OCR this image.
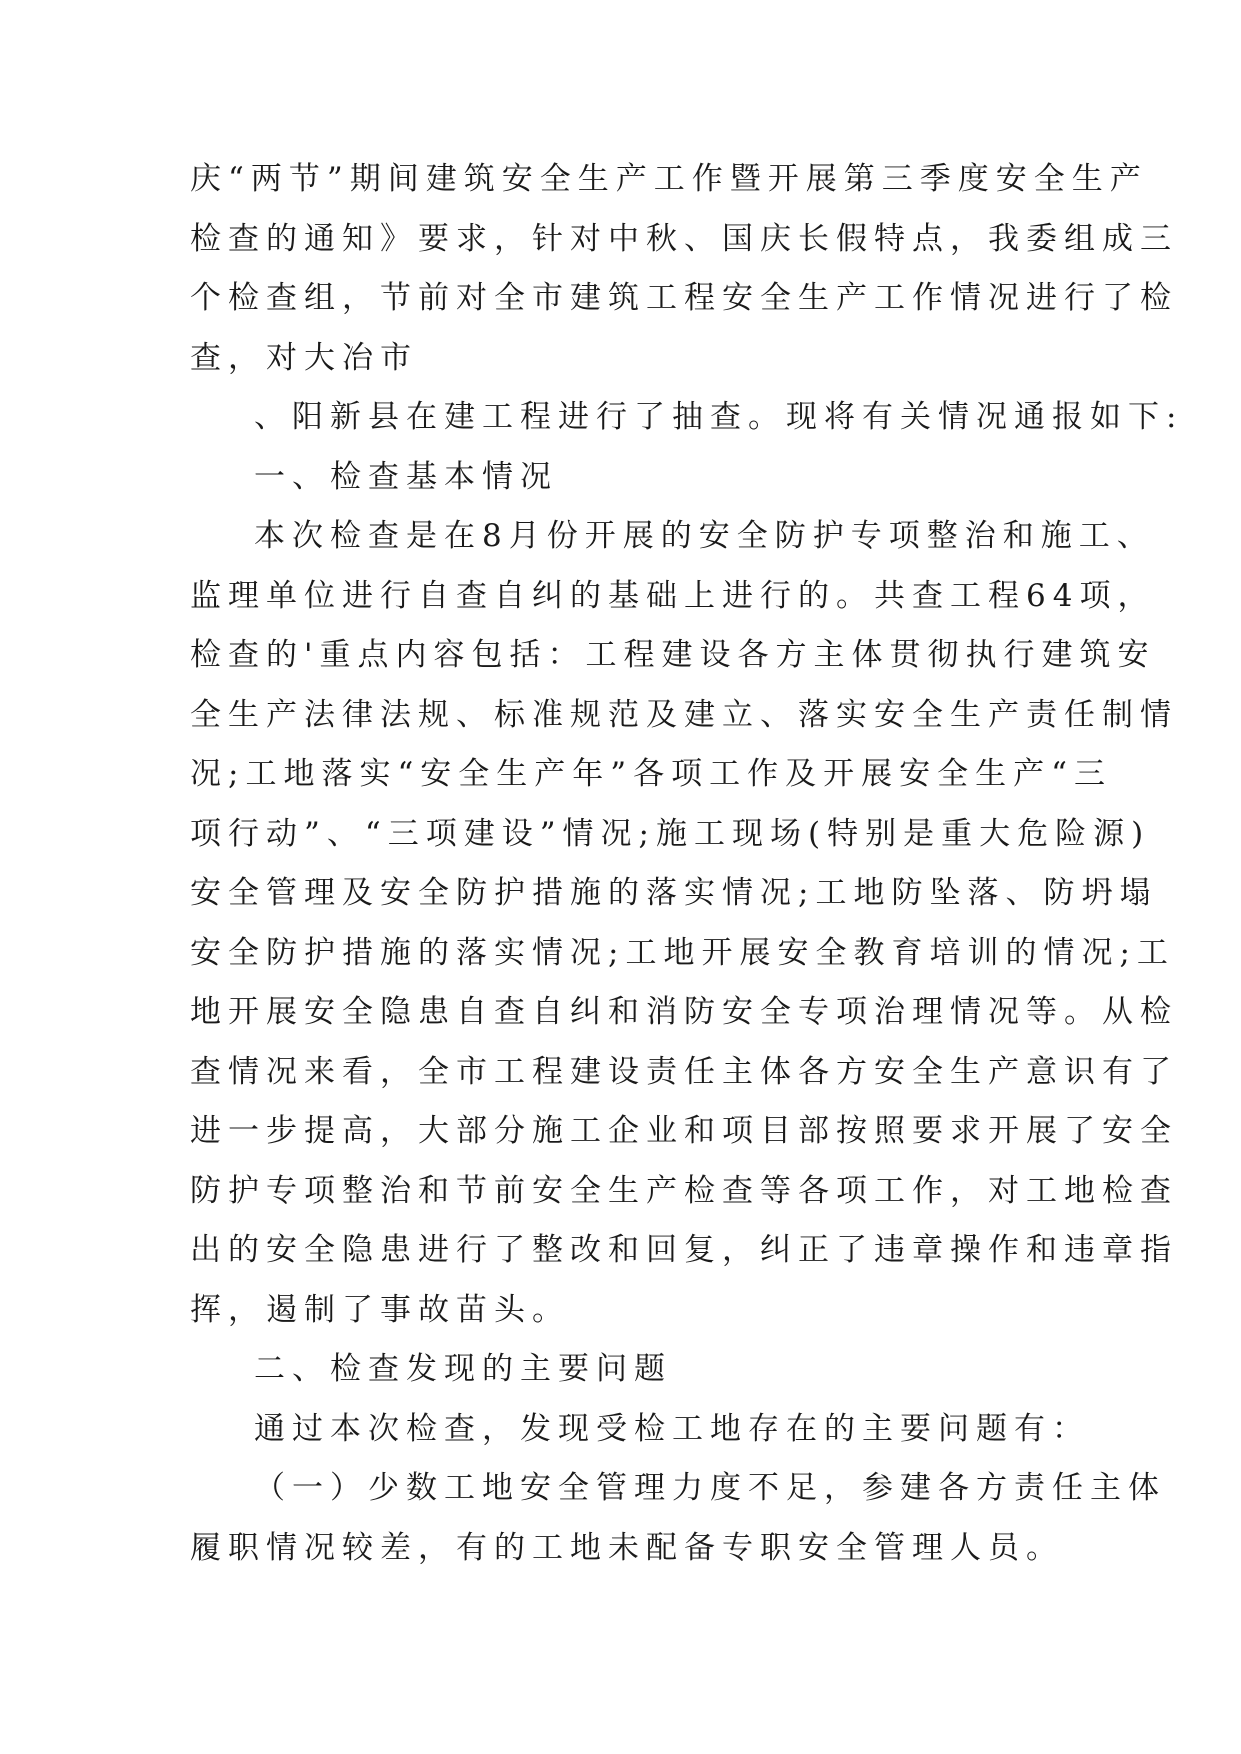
庆“两节”期间建筑安全生产工作暨开展第三季度安全生产

检查的通知》要求，针对中秋、国庆长假特点，我委组成三

个检查组，节前对全市建筑工程安全生产工作情况进行了检

查，对大冶市

、阳新县在建工程进行了抽查。现将有关情况通报如下:

一、检查基本情况

本次检查是在8月份开展的安全防护专项整治和施工、

监理单位进行自查自纠的基础上进行的。共查工程64项，

检查的'重点内容包括：工程建设各方主体贯彻执行建筑安

全生产法律法规、标准规范及建立、落实安全生产责任制情

况;工地落实“安全生产年”各项工作及开展安全生产“三

项行动”、“三项建设”情况;施工现场(特别是重大危险源)

安全管理及安全防护措施的落实情况;工地防坠落、防坍塌

安全防护措施的落实情况;工地开展安全教育培训的情况;工

地开展安全隐患自查自纠和消防安全专项治理情况等。从检

查情况来看，全市工程建设责任主体各方安全生产意识有了

进一步提高，大部分施工企业和项目部按照要求开展了安全

防护专项整治和节前安全生产检查等各项工作，对工地检查

出的安全隐患进行了整改和回复，纠正了违章操作和违章指

挥，遏制了事故苗头。

二、检查发现的主要问题

通过本次检查，发现受检工地存在的主要问题有：

（一）少数工地安全管理力度不足，参建各方责任主体

履职情况较差，有的工地未配备专职安全管理人员。
